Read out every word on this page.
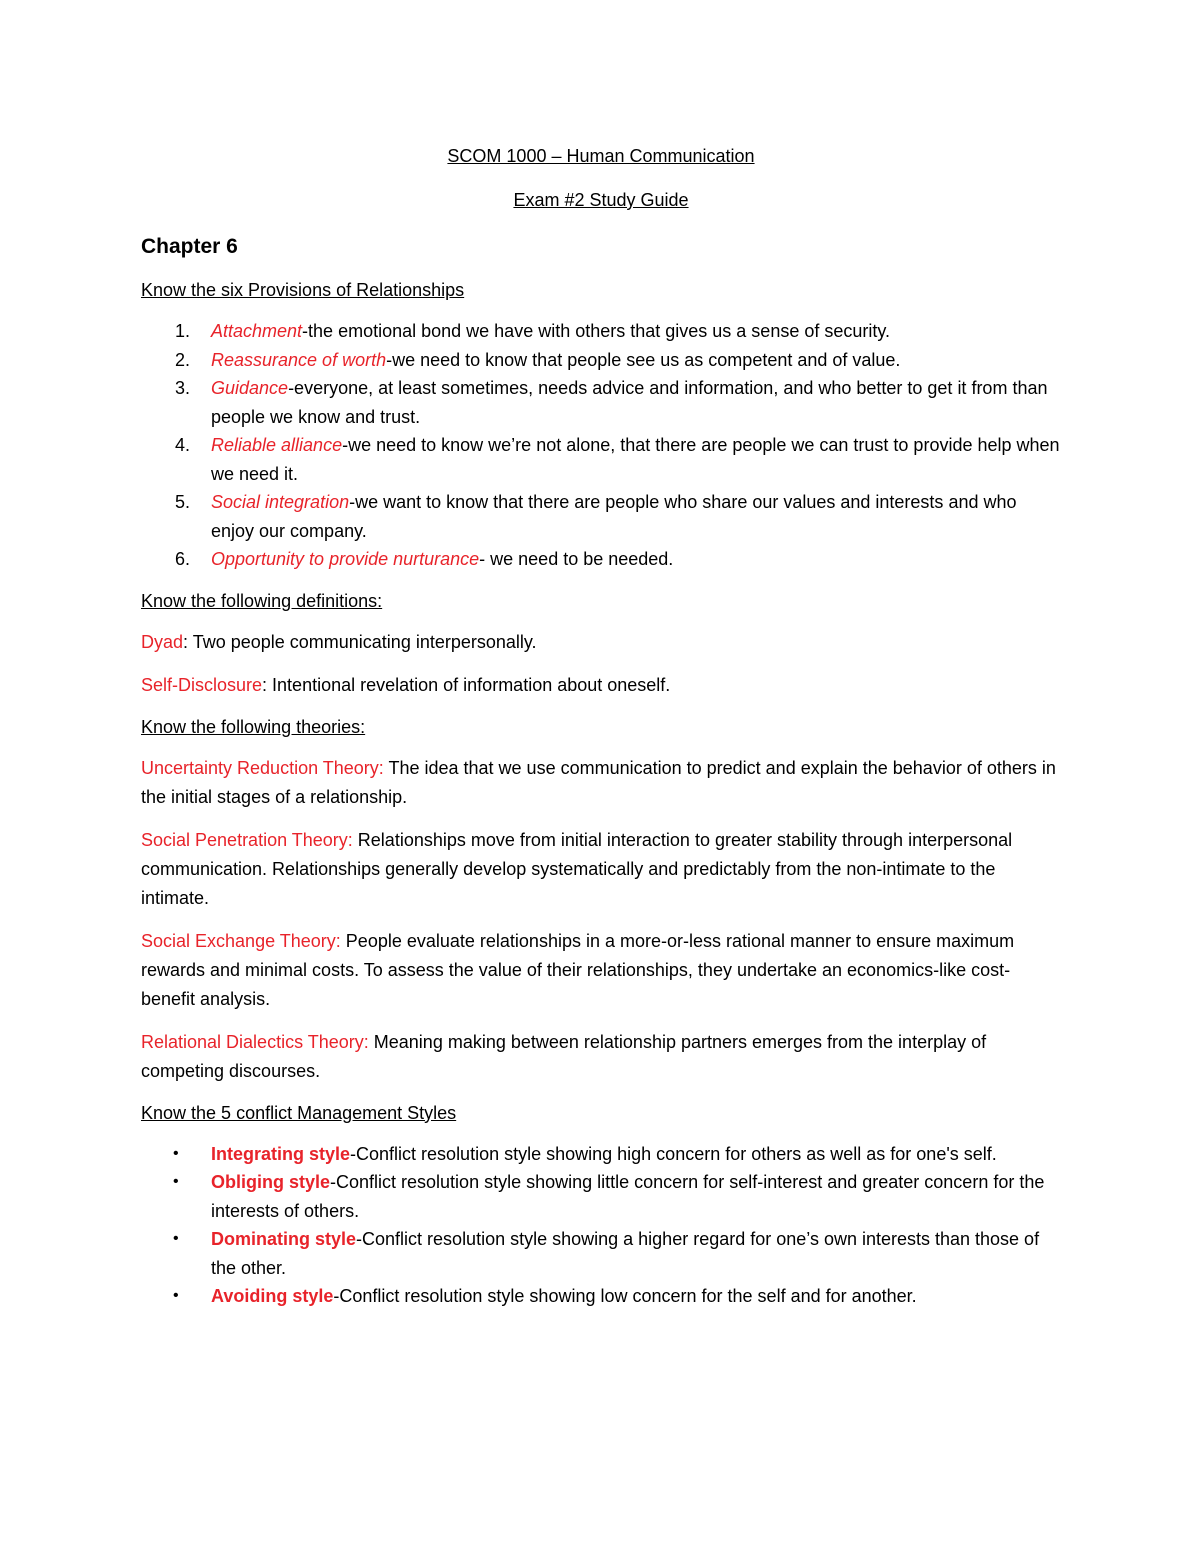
SCOM 1000 – Human Communication

Exam #2 Study Guide

Chapter 6

Know the six Provisions of Relationships

1. Attachment-the emotional bond we have with others that gives us a sense of security.
2. Reassurance of worth-we need to know that people see us as competent and of value.
3. Guidance-everyone, at least sometimes, needs advice and information, and who better to get it from than people we know and trust.
4. Reliable alliance-we need to know we’re not alone, that there are people we can trust to provide help when we need it.
5. Social integration-we want to know that there are people who share our values and interests and who enjoy our company.
6. Opportunity to provide nurturance- we need to be needed.

Know the following definitions:

Dyad: Two people communicating interpersonally.

Self-Disclosure: Intentional revelation of information about oneself.

Know the following theories:

Uncertainty Reduction Theory: The idea that we use communication to predict and explain the behavior of others in the initial stages of a relationship.

Social Penetration Theory: Relationships move from initial interaction to greater stability through interpersonal communication. Relationships generally develop systematically and predictably from the non-intimate to the intimate.

Social Exchange Theory: People evaluate relationships in a more-or-less rational manner to ensure maximum rewards and minimal costs. To assess the value of their relationships, they undertake an economics-like cost-benefit analysis.

Relational Dialectics Theory: Meaning making between relationship partners emerges from the interplay of competing discourses.

Know the 5 conflict Management Styles

• Integrating style-Conflict resolution style showing high concern for others as well as for one's self.
• Obliging style-Conflict resolution style showing little concern for self-interest and greater concern for the interests of others.
• Dominating style-Conflict resolution style showing a higher regard for one’s own interests than those of the other.
• Avoiding style-Conflict resolution style showing low concern for the self and for another.
